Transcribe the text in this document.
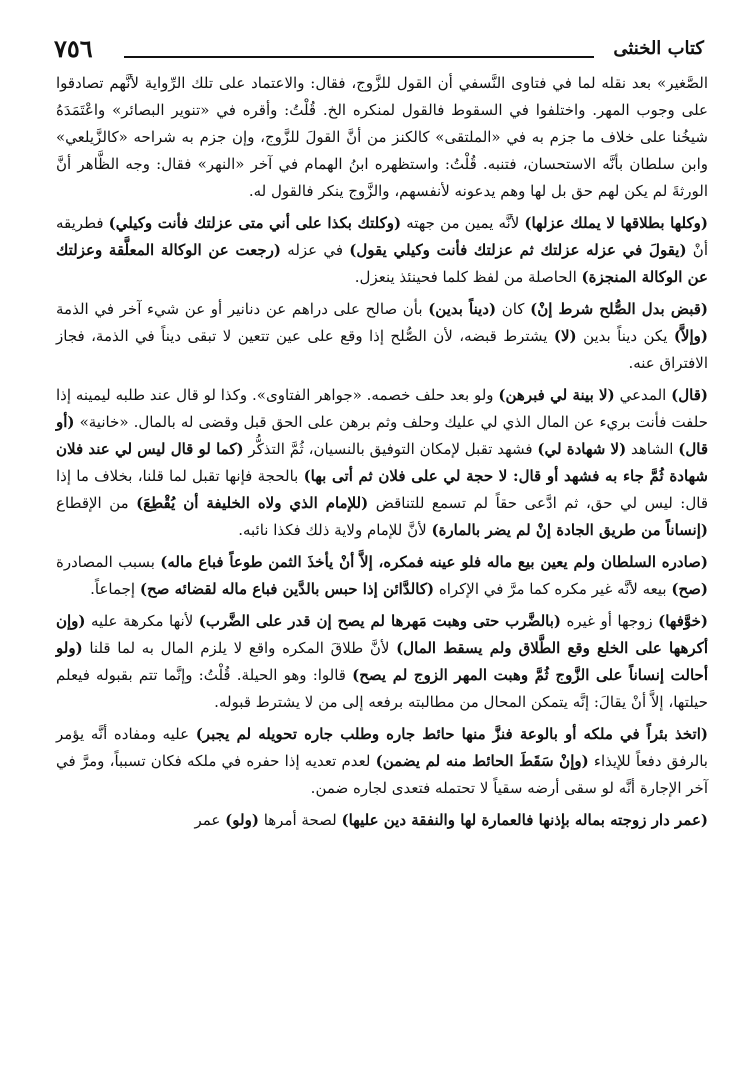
كتاب الخنثى
٧٥٦

الصَّغير» بعد نقله لما في فتاوى النَّسفي أن القول للزَّوج، فقال: والاعتماد على تلك الرِّواية لأنَّهم تصادقوا على وجوب المهر. واختلفوا في السقوط فالقول لمنكره الخ. قُلْتُ: وأقره في «تنوير البصائر» واعْتَمَدَهُ شيخُنا على خلاف ما جزم به في «الملتقى» كالكنز من أنَّ القولَ للزَّوج، وإن جزم به شراحه «كالزَّيلعي» وابن سلطان بأنَّه الاستحسان، فتنبه. قُلْتُ: واستظهره ابنُ الهمام في آخر «النهر» فقال: وجه الظَّاهر أنَّ الورثةَ لم يكن لهم حق بل لها وهم يدعونه لأنفسهم، والزَّوج ينكر فالقول له.

(وكلها بطلاقها لا يملك عزلها) لأنَّه يمين من جهته (وكلتك بكذا على أني متى عزلتك فأنت وكيلي) فطريقه أنْ (يقولَ في عزله عزلتك ثم عزلتك فأنت وكيلي يقول) في عزله (رجعت عن الوكالة المعلَّقة وعزلتك عن الوكالة المنجزة) الحاصلة من لفظ كلما فحينئذ ينعزل.

(قبض بدل الصُّلح شرط إنْ) كان (ديناً بدين) بأن صالح على دراهم عن دنانير أو عن شيء آخر في الذمة (وإلاَّ) يكن ديناً بدين (لا) يشترط قبضه، لأن الصُّلح إذا وقع على عين تتعين لا تبقى ديناً في الذمة، فجاز الافتراق عنه.

(قال) المدعي (لا بينة لي فبرهن) ولو بعد حلف خصمه. «جواهر الفتاوى». وكذا لو قال عند طلبه ليمينه إذا حلفت فأنت بريء عن المال الذي لي عليك وحلف وثم برهن على الحق قبل وقضى له بالمال. «خانية» (أو قال) الشاهد (لا شهادة لي) فشهد تقبل لإمكان التوفيق بالنسيان، ثُمَّ التذكُّر (كما لو قال ليس لي عند فلان شهادة ثُمَّ جاء به فشهد أو قال: لا حجة لي على فلان ثم أتى بها) بالحجة فإنها تقبل لما قلنا، بخلاف ما إذا قال: ليس لي حق، ثم ادَّعى حقاً لم تسمع للتناقض (للإمام الذي ولاه الخليفة أن يُقْطِعَ) من الإقطاع (إنساناً من طريق الجادة إنْ لم يضر بالمارة) لأنَّ للإمام ولاية ذلك فكذا نائبه.

(صادره السلطان ولم يعين بيع ماله فلو عينه فمكره، إلاَّ أنْ يأخذَ الثمن طوعاً فباع ماله) بسبب المصادرة (صح) بيعه لأنَّه غير مكره كما مرَّ في الإكراه (كالدَّائن إذا حبس بالدَّين فباع ماله لقضائه صح) إجماعاً.

(خوَّفها) زوجها أو غيره (بالضَّرب حتى وهبت مَهرها لم يصح إن قدر على الضَّرب) لأنها مكرهة عليه (وإن أكرهها على الخلع وقع الطَّلاق ولم يسقط المال) لأنَّ طلاقَ المكره واقع لا يلزم المال به لما قلنا (ولو أحالت إنساناً على الزَّوج ثُمَّ وهبت المهر الزوج لم يصح) قالوا: وهو الحيلة. قُلْتُ: وإنَّما تتم بقبوله فيعلم حيلتها، إلاَّ أنْ يقالَ: إنَّه يتمكن المحال من مطالبته برفعه إلى من لا يشترط قبوله.

(اتخذ بئراً في ملكه أو بالوعة فنزَّ منها حائط جاره وطلب جاره تحويله لم يجبر) عليه ومفاده أنَّه يؤمر بالرفق دفعاً للإيذاء (وإنْ سَقَطَ الحائط منه لم يضمن) لعدم تعديه إذا حفره في ملكه فكان تسبباً، ومرَّ في آخر الإجارة أنَّه لو سقى أرضه سقياً لا تحتمله فتعدى لجاره ضمن.

(عمر دار زوجته بماله بإذنها فالعمارة لها والنفقة دين عليها) لصحة أمرها (ولو) عمر
